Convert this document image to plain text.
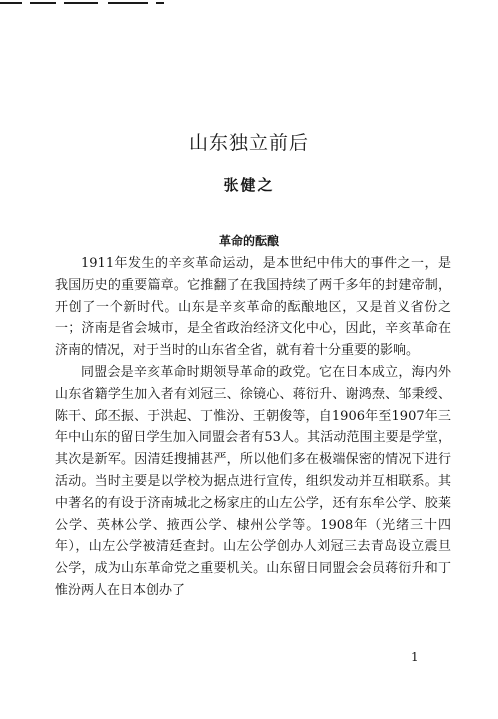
山东独立前后
张健之
革命的酝酿

1911年发生的辛亥革命运动，是本世纪中伟大的事件之一，是我国历史的重要篇章。它推翻了在我国持续了两千多年的封建帝制，开创了一个新时代。山东是辛亥革命的酝酿地区，又是首义省份之一；济南是省会城市，是全省政治经济文化中心，因此，辛亥革命在济南的情况，对于当时的山东省全省，就有着十分重要的影响。

同盟会是辛亥革命时期领导革命的政党。它在日本成立，海内外山东省籍学生加入者有刘冠三、徐镜心、蒋衍升、谢鸿焘、邹秉绶、陈干、邱丕振、于洪起、丁惟汾、王朝俊等，自1906年至1907年三年中山东的留日学生加入同盟会者有53人。其活动范围主要是学堂，其次是新军。因清廷搜捕甚严，所以他们多在极端保密的情况下进行活动。当时主要是以学校为据点进行宣传，组织发动并互相联系。其中著名的有设于济南城北之杨家庄的山左公学，还有东牟公学、胶莱公学、英林公学、掖西公学、棣州公学等。1908年（光绪三十四年），山左公学被清廷查封。山左公学创办人刘冠三去青岛设立震旦公学，成为山东革命党之重要机关。山东留日同盟会会员蒋衍升和丁惟汾两人在日本创办了

1
